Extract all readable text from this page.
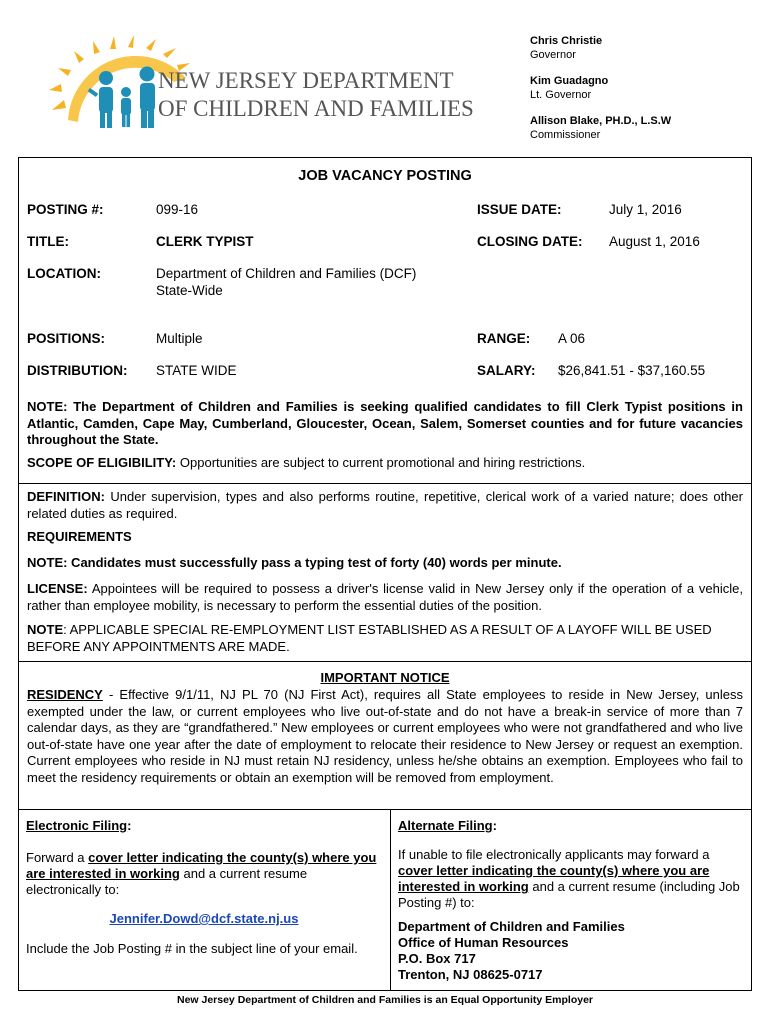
NEW JERSEY DEPARTMENT
OF CHILDREN AND FAMILIES
Chris Christie
Governor
Kim Guadagno
Lt. Governor
Allison Blake, PH.D., L.S.W
Commissioner
JOB VACANCY POSTING
POSTING #:	099-16	ISSUE DATE:	July 1, 2016
TITLE:	CLERK TYPIST	CLOSING DATE: August 1, 2016
LOCATION:	Department of Children and Families (DCF)
State-Wide
POSITIONS:	Multiple	RANGE: A 06
DISTRIBUTION: STATE WIDE	SALARY: $26,841.51 - $37,160.55
NOTE: The Department of Children and Families is seeking qualified candidates to fill Clerk Typist positions in Atlantic, Camden, Cape May, Cumberland, Gloucester, Ocean, Salem, Somerset counties and for future vacancies throughout the State.
SCOPE OF ELIGIBILITY: Opportunities are subject to current promotional and hiring restrictions.
DEFINITION: Under supervision, types and also performs routine, repetitive, clerical work of a varied nature; does other related duties as required.
REQUIREMENTS
NOTE: Candidates must successfully pass a typing test of forty (40) words per minute.
LICENSE: Appointees will be required to possess a driver's license valid in New Jersey only if the operation of a vehicle, rather than employee mobility, is necessary to perform the essential duties of the position.
NOTE: APPLICABLE SPECIAL RE-EMPLOYMENT LIST ESTABLISHED AS A RESULT OF A LAYOFF WILL BE USED BEFORE ANY APPOINTMENTS ARE MADE.
IMPORTANT NOTICE
RESIDENCY - Effective 9/1/11, NJ PL 70 (NJ First Act), requires all State employees to reside in New Jersey, unless exempted under the law, or current employees who live out-of-state and do not have a break-in service of more than 7 calendar days, as they are “grandfathered.” New employees or current employees who were not grandfathered and who live out-of-state have one year after the date of employment to relocate their residence to New Jersey or request an exemption. Current employees who reside in NJ must retain NJ residency, unless he/she obtains an exemption. Employees who fail to meet the residency requirements or obtain an exemption will be removed from employment.
Electronic Filing:
Forward a cover letter indicating the county(s) where you are interested in working and a current resume electronically to:
Jennifer.Dowd@dcf.state.nj.us
Include the Job Posting # in the subject line of your email.
Alternate Filing:
If unable to file electronically applicants may forward a cover letter indicating the county(s) where you are interested in working and a current resume (including Job Posting #) to:
Department of Children and Families
Office of Human Resources
P.O. Box 717
Trenton, NJ 08625-0717
New Jersey Department of Children and Families is an Equal Opportunity Employer
